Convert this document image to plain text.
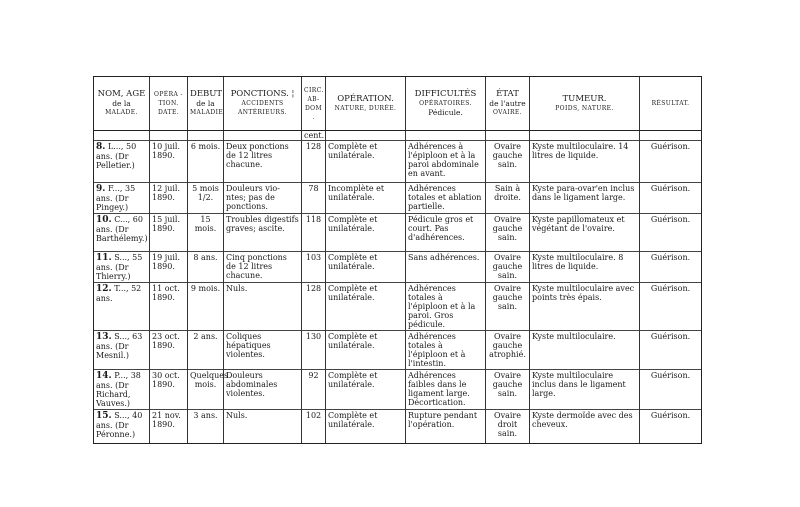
NOM, AGE
de la

MALADE.	OPÉRA -
TION.
DATE.	DEBUT
de la

MALADIE	PONCTIONS. ¦
ACCIDENTS
ANTÉRIEURS.	CIRC.
AB-
DOM .	OPÉRATION.
NATURE, DURÉE.	DIFFICULTÉS
OPÉRATOIRES.
Pédicule.	ÉTAT
de l'autre

OVAIRE.	TUMEUR.
POIDS, NATURE.	RÉSULTAT.

				cent.					
8. L..., 50 ans. (Dr Pelletier.)	10 juil. 1890.	6 mois.	Deux ponctions de 12 litres chacune.	128	Complète et unilatérale.	Adhérences à l'épiploon et à la paroi abdominale en avant.	Ovaire gauche sain.	Kyste multiloculaire. 14 litres de liquide.	Guérison.
9. F..., 35 ans. (Dr Pingey.)	12 juil. 1890.	5 mois 1/2.	Douleurs vio-ntes; pas de ponctions.	78	Incomplète et unilatérale.	Adhérences totales et ablation partielle.	Sain à droite.	Kyste para-ovar'en inclus dans le ligament large.	Guérison.
10. C..., 60 ans. (Dr Barthélemy.)	15 juil. 1890.	15 mois.	Troubles digestifs graves; ascite.	118	Complète et unilatérale.	Pédicule gros et court. Pas d'adhérences.	Ovaire gauche sain.	Kyste papillomateux et végétant de l'ovaire.	Guérison.
11. S..., 55 ans. (Dr Thierry.)	19 juil. 1890.	8 ans.	Cinq ponctions de 12 litres chacune.	103	Complète et unilatérale.	Sans adhérences.	Ovaire gauche sain.	Kyste multiloculaire. 8 litres de liquide.	Guérison.
12. T..., 52 ans.	11 oct. 1890.	9 mois.	Nuls.	128	Complète et unilatérale.	Adhérences totales à l'épiploon et à la paroi. Gros pédicule.	Ovaire gauche sain.	Kyste multiloculaire avec points très épais.	Guérison.
13. S..., 63 ans. (Dr Mesnil.)	23 oct. 1890.	2 ans.	Coliques hépatiques violentes.	130	Complète et unilatérale.	Adhérences totales à l'épiploon et à l'intestin.	Ovaire gauche atrophié.	Kyste multiloculaire.	Guérison.
14. P..., 38 ans. (Dr Richard, Vauves.)	30 oct. 1890.	Quelques mois.	Douleurs abdominales violentes.	92	Complète et unilatérale.	Adhérences faibles dans le ligament large. Décortication.	Ovaire gauche sain.	Kyste multiloculaire inclus dans le ligament large.	Guérison.
15. S..., 40 ans. (Dr Péronne.)	21 nov. 1890.	3 ans.	Nuls.	102	Complète et unilatérale.	Rupture pendant l'opération.	Ovaire droit sain.	Kyste dermoïde avec des cheveux.	Guérison.
